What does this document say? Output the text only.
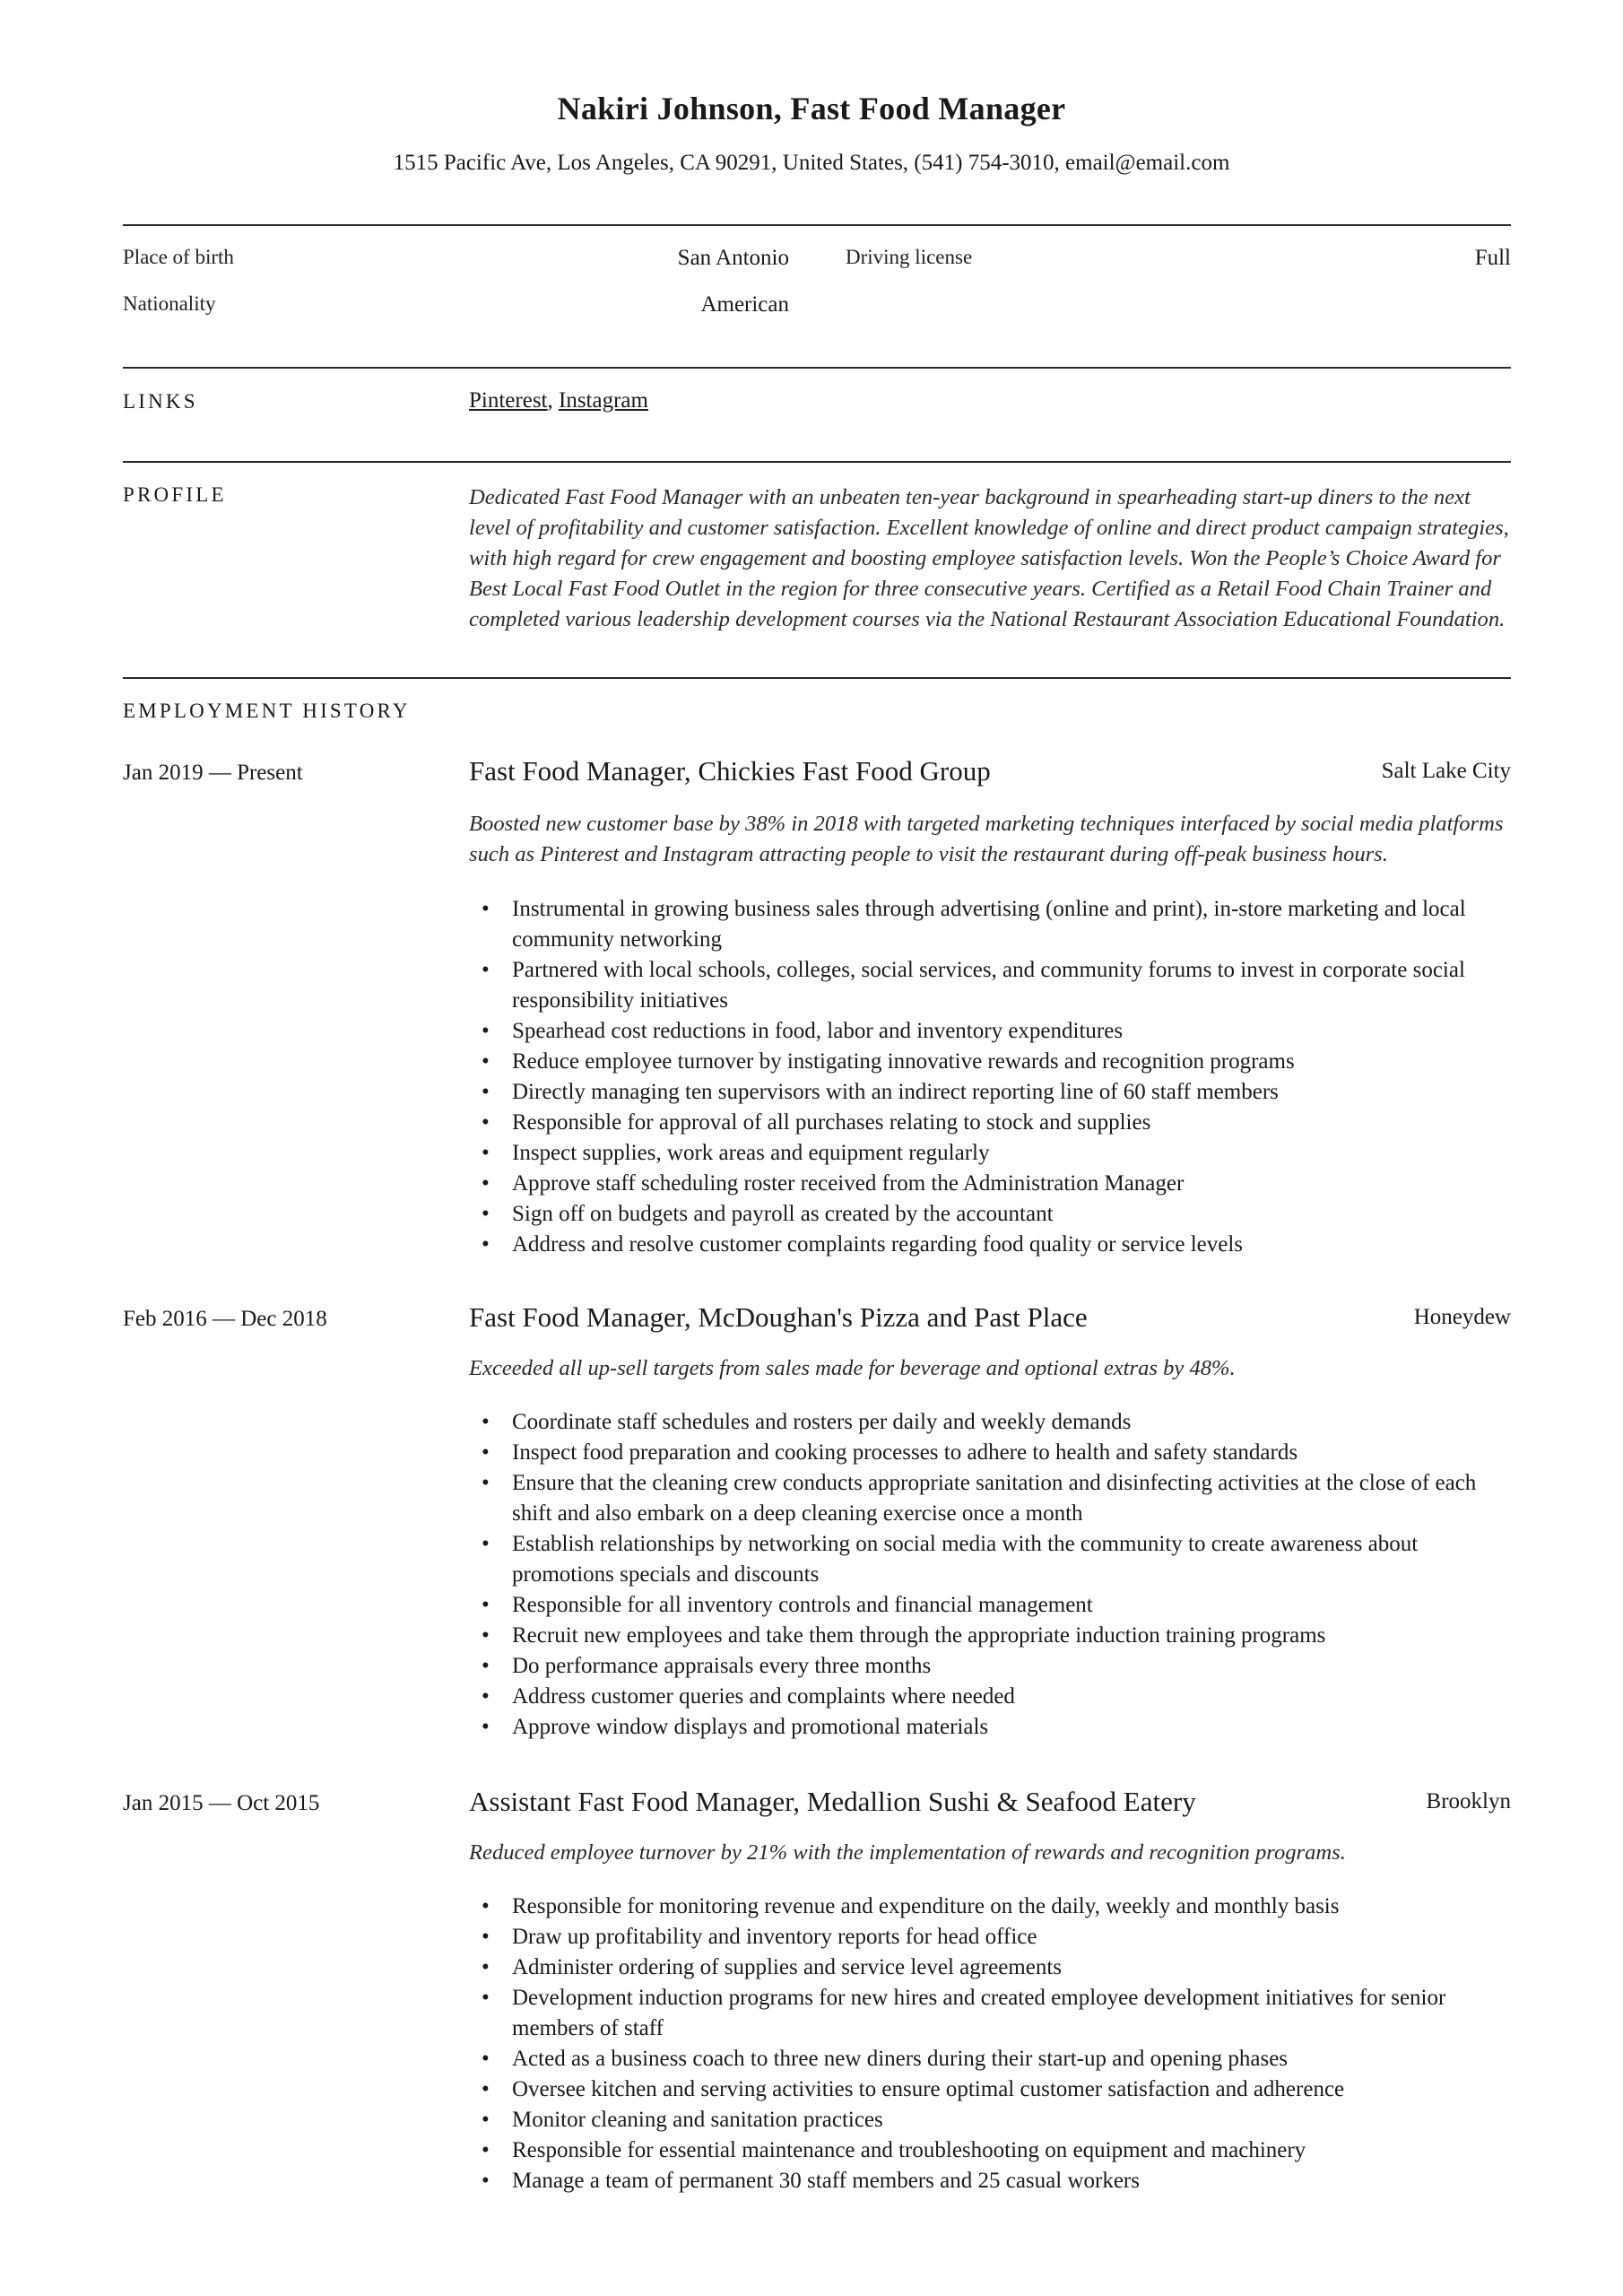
Nakiri Johnson, Fast Food Manager
1515 Pacific Ave, Los Angeles, CA 90291, United States, (541) 754-3010, email@email.com
Place of birth	San Antonio
Nationality	American
Driving license	Full
LINKS	Pinterest, Instagram
PROFILE	Dedicated Fast Food Manager with an unbeaten ten-year background in spearheading start-up diners to the next
level of profitability and customer satisfaction. Excellent knowledge of online and direct product campaign strategies,
with high regard for crew engagement and boosting employee satisfaction levels. Won the People’s Choice Award for
Best Local Fast Food Outlet in the region for three consecutive years. Certified as a Retail Food Chain Trainer and
completed various leadership development courses via the National Restaurant Association Educational Foundation.
EMPLOYMENT HISTORY
Jan 2019 — Present	Fast Food Manager, Chickies Fast Food Group	Salt Lake City
Boosted new customer base by 38% in 2018 with targeted marketing techniques interfaced by social media platforms
such as Pinterest and Instagram attracting people to visit the restaurant during off-peak business hours.
• Instrumental in growing business sales through advertising (online and print), in-store marketing and local
community networking
• Partnered with local schools, colleges, social services, and community forums to invest in corporate social
responsibility initiatives
• Spearhead cost reductions in food, labor and inventory expenditures
• Reduce employee turnover by instigating innovative rewards and recognition programs
• Directly managing ten supervisors with an indirect reporting line of 60 staff members
• Responsible for approval of all purchases relating to stock and supplies
• Inspect supplies, work areas and equipment regularly
• Approve staff scheduling roster received from the Administration Manager
• Sign off on budgets and payroll as created by the accountant
• Address and resolve customer complaints regarding food quality or service levels
Feb 2016 — Dec 2018	Fast Food Manager, McDoughan's Pizza and Past Place	Honeydew
Exceeded all up-sell targets from sales made for beverage and optional extras by 48%.
• Coordinate staff schedules and rosters per daily and weekly demands
• Inspect food preparation and cooking processes to adhere to health and safety standards
• Ensure that the cleaning crew conducts appropriate sanitation and disinfecting activities at the close of each
shift and also embark on a deep cleaning exercise once a month
• Establish relationships by networking on social media with the community to create awareness about
promotions specials and discounts
• Responsible for all inventory controls and financial management
• Recruit new employees and take them through the appropriate induction training programs
• Do performance appraisals every three months
• Address customer queries and complaints where needed
• Approve window displays and promotional materials
Jan 2015 — Oct 2015	Assistant Fast Food Manager, Medallion Sushi & Seafood Eatery	Brooklyn
Reduced employee turnover by 21% with the implementation of rewards and recognition programs.
• Responsible for monitoring revenue and expenditure on the daily, weekly and monthly basis
• Draw up profitability and inventory reports for head office
• Administer ordering of supplies and service level agreements
• Development induction programs for new hires and created employee development initiatives for senior
members of staff
• Acted as a business coach to three new diners during their start-up and opening phases
• Oversee kitchen and serving activities to ensure optimal customer satisfaction and adherence
• Monitor cleaning and sanitation practices
• Responsible for essential maintenance and troubleshooting on equipment and machinery
• Manage a team of permanent 30 staff members and 25 casual workers
